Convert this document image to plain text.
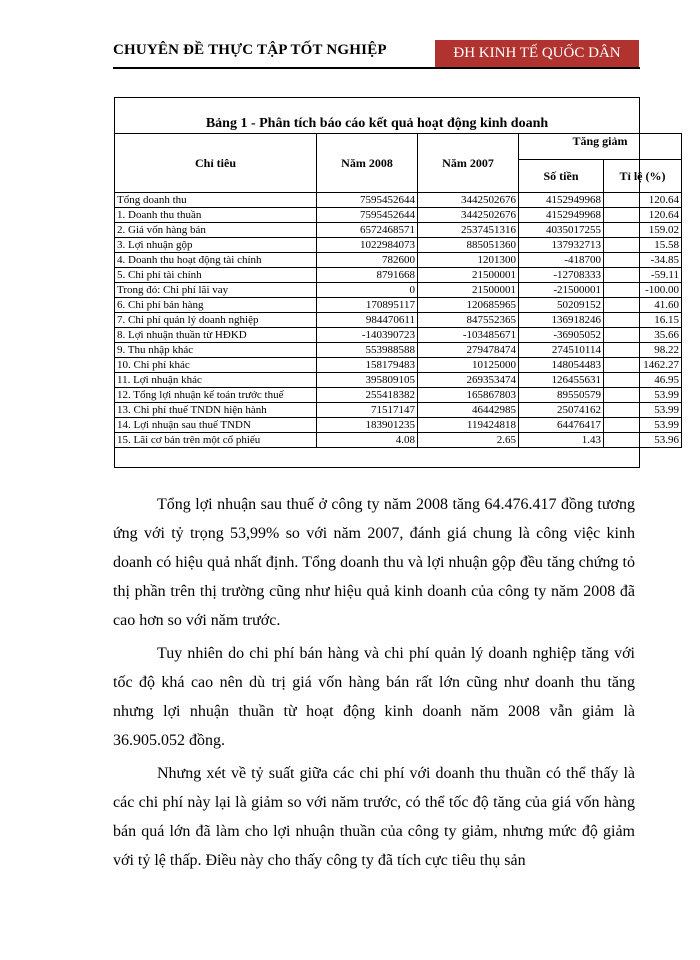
CHUYÊN ĐỀ THỰC TẬP TỐT NGHIỆP	ĐH KINH TẾ QUỐC DÂN
Bảng 1 - Phân tích báo cáo kết quả hoạt động kinh doanh
Chỉ tiêu	Năm 2008	Năm 2007	Tăng giảm	
			Số tiền	Tỉ lệ (%)
Tổng doanh thu	7595452644	3442502676	4152949968	120.64
1. Doanh thu thuần	7595452644	3442502676	4152949968	120.64
2. Giá vốn hàng bán	6572468571	2537451316	4035017255	159.02
3. Lợi nhuận gộp	1022984073	885051360	137932713	15.58
4. Doanh thu hoạt động tài chính	782600	1201300	-418700	-34.85
5. Chi phí tài chính	8791668	21500001	-12708333	-59.11
Trong đó: Chi phí lãi vay	0	21500001	-21500001	-100.00
6. Chi phí bán hàng	170895117	120685965	50209152	41.60
7. Chi phí quản lý doanh nghiệp	984470611	847552365	136918246	16.15
8. Lợi nhuận thuần từ HĐKD	-140390723	-103485671	-36905052	35.66
9. Thu nhập khác	553988588	279478474	274510114	98.22
10. Chi phí khác	158179483	10125000	148054483	1462.27
11. Lợi nhuận khác	395809105	269353474	126455631	46.95
12. Tổng lợi nhuận kế toán trước thuế	255418382	165867803	89550579	53.99
13. Chi phí thuế TNDN hiện hành	71517147	46442985	25074162	53.99
14. Lợi nhuận sau thuế TNDN	183901235	119424818	64476417	53.99
15. Lãi cơ bản trên một cổ phiếu	4.08	2.65	1.43	53.96

Tổng lợi nhuận sau thuế ở công ty năm 2008 tăng 64.476.417 đồng tương ứng với tỷ trọng 53,99% so với năm 2007, đánh giá chung là công việc kinh doanh có hiệu quả nhất định. Tổng doanh thu và lợi nhuận gộp đều tăng chứng tỏ thị phần trên thị trường cũng như hiệu quả kinh doanh của công ty năm 2008 đã cao hơn so với năm trước.

Tuy nhiên do chi phí bán hàng và chi phí quản lý doanh nghiệp tăng với tốc độ khá cao nên dù trị giá vốn hàng bán rất lớn cũng như doanh thu tăng nhưng lợi nhuận thuần từ hoạt động kinh doanh năm 2008 vẫn giảm là 36.905.052 đồng.

Nhưng xét về tỷ suất giữa các chi phí với doanh thu thuần có thể thấy là các chi phí này lại là giảm so với năm trước, có thể tốc độ tăng của giá vốn hàng bán quá lớn đã làm cho lợi nhuận thuần của công ty giảm, nhưng mức độ giảm với tỷ lệ thấp. Điều này cho thấy công ty đã tích cực tiêu thụ sản
